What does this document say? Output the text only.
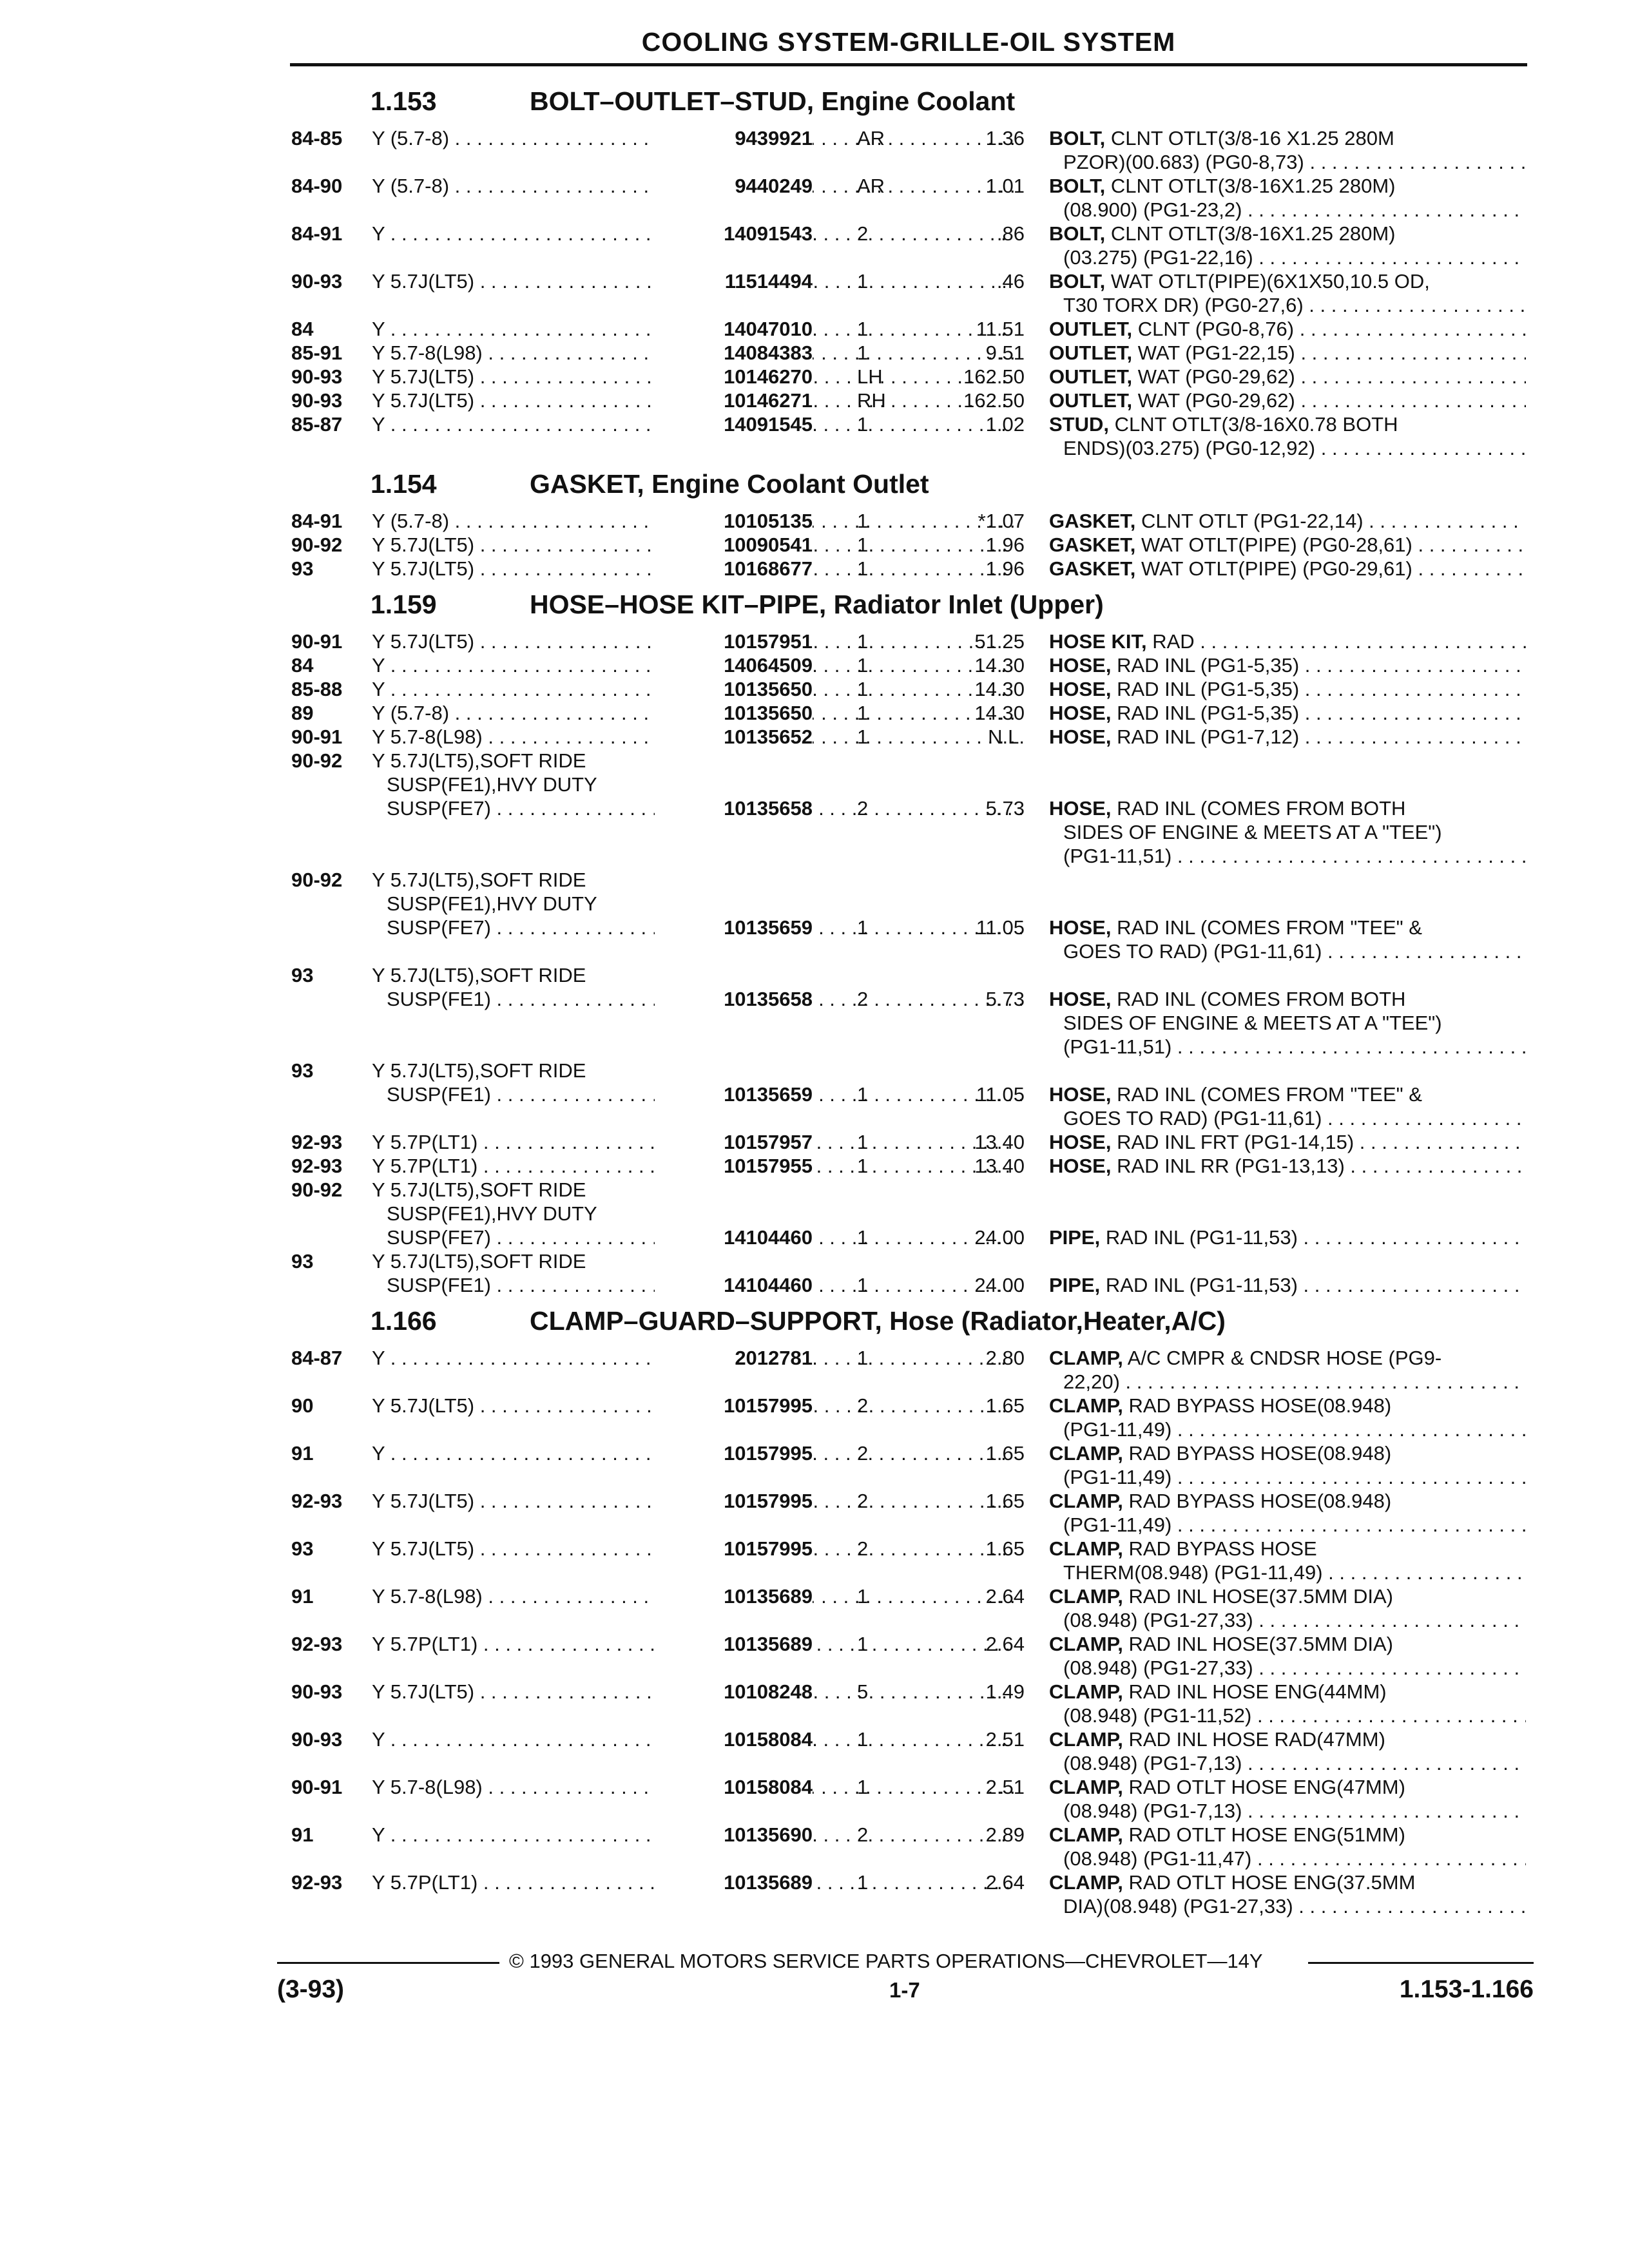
COOLING SYSTEM-GRILLE-OIL SYSTEM
1.153	BOLT–OUTLET–STUD, Engine Coolant
84-85 Y (5.7-8) . . .	9439921 AR	1.36 BOLT, CLNT OTLT(3/8-16 X1.25 280M
PZOR)(00.683) (PG0-8,73) . . .
84-90 Y (5.7-8) . . .	9440249 AR	1.01 BOLT, CLNT OTLT(3/8-16X1.25 280M)
(08.900) (PG1-23,2) . . .
84-91 Y . . .	14091543 2	.86 BOLT, CLNT OTLT(3/8-16X1.25 280M)
(03.275) (PG1-22,16) . . .
90-93 Y 5.7J(LT5) . . .	11514494 1	.46 BOLT, WAT OTLT(PIPE)(6X1X50,10.5 OD,
T30 TORX DR) (PG0-27,6) . . .
84	Y . . .	14047010 1	11.51 OUTLET, CLNT (PG0-8,76) . . .
85-91 Y 5.7-8(L98) . . .	14084383 1	9.51 OUTLET, WAT (PG1-22,15) . . .
90-93 Y 5.7J(LT5) . . .	10146270 LH	162.50 OUTLET, WAT (PG0-29,62) . . .
90-93 Y 5.7J(LT5) . . .	10146271 RH	162.50 OUTLET, WAT (PG0-29,62) . . .
85-87 Y . . .	14091545 1	1.02 STUD, CLNT OTLT(3/8-16X0.78 BOTH
ENDS)(03.275) (PG0-12,92) . . .
1.154	GASKET, Engine Coolant Outlet
84-91 Y (5.7-8) . . .	10105135 1	*1.07 GASKET, CLNT OTLT (PG1-22,14) . . .
90-92 Y 5.7J(LT5) . . .	10090541 1	1.96 GASKET, WAT OTLT(PIPE) (PG0-28,61) . . .
93	Y 5.7J(LT5) . . .	10168677 1	1.96 GASKET, WAT OTLT(PIPE) (PG0-29,61) . . .
1.159	HOSE–HOSE KIT–PIPE, Radiator Inlet (Upper)
90-91 Y 5.7J(LT5) . . .	10157951 1	51.25 HOSE KIT, RAD . . .
84	Y . . .	14064509 1	14.30 HOSE, RAD INL (PG1-5,35) . . .
85-88 Y . . .	10135650 1	14.30 HOSE, RAD INL (PG1-5,35) . . .
89	Y (5.7-8) . . .	10135650 1	14.30 HOSE, RAD INL (PG1-5,35) . . .
90-91 Y 5.7-8(L98) . . .	10135652 1	N.L. HOSE, RAD INL (PG1-7,12) . . .
90-92 Y 5.7J(LT5),SOFT RIDE
SUSP(FE1),HVY DUTY
SUSP(FE7) . . .	10135658 2	5.73 HOSE, RAD INL (COMES FROM BOTH
SIDES OF ENGINE & MEETS AT A "TEE")
(PG1-11,51) . . .
90-92 Y 5.7J(LT5),SOFT RIDE
SUSP(FE1),HVY DUTY
SUSP(FE7) . . .	10135659 1	11.05 HOSE, RAD INL (COMES FROM "TEE" &
GOES TO RAD) (PG1-11,61) . . .
93	Y 5.7J(LT5),SOFT RIDE
SUSP(FE1) . . .	10135658 2	5.73 HOSE, RAD INL (COMES FROM BOTH
SIDES OF ENGINE & MEETS AT A "TEE")
(PG1-11,51) . . .
93	Y 5.7J(LT5),SOFT RIDE
SUSP(FE1) . . .	10135659 1	11.05 HOSE, RAD INL (COMES FROM "TEE" &
GOES TO RAD) (PG1-11,61) . . .
92-93 Y 5.7P(LT1) . . .	10157957 1	13.40 HOSE, RAD INL FRT (PG1-14,15) . . .
92-93 Y 5.7P(LT1) . . .	10157955 1	13.40 HOSE, RAD INL RR (PG1-13,13) . . .
90-92 Y 5.7J(LT5),SOFT RIDE
SUSP(FE1),HVY DUTY
SUSP(FE7) . . .	14104460 1	24.00 PIPE, RAD INL (PG1-11,53) . . .
93	Y 5.7J(LT5),SOFT RIDE
SUSP(FE1) . . .	14104460 1	24.00 PIPE, RAD INL (PG1-11,53) . . .
1.166	CLAMP–GUARD–SUPPORT, Hose (Radiator,Heater,A/C)
84-87 Y . . .	2012781 1	2.80 CLAMP, A/C CMPR & CNDSR HOSE (PG9-
22,20) . . .
90	Y 5.7J(LT5) . . .	10157995 2	1.65 CLAMP, RAD BYPASS HOSE(08.948)
(PG1-11,49) . . .
91	Y . . .	10157995 2	1.65 CLAMP, RAD BYPASS HOSE(08.948)
(PG1-11,49) . . .
92-93 Y 5.7J(LT5) . . .	10157995 2	1.65 CLAMP, RAD BYPASS HOSE(08.948)
(PG1-11,49) . . .
93	Y 5.7J(LT5) . . .	10157995 2	1.65 CLAMP, RAD BYPASS HOSE
THERM(08.948) (PG1-11,49) . . .
91	Y 5.7-8(L98) . . .	10135689 1	2.64 CLAMP, RAD INL HOSE(37.5MM DIA)
(08.948) (PG1-27,33) . . .
92-93 Y 5.7P(LT1) . . .	10135689 1	2.64 CLAMP, RAD INL HOSE(37.5MM DIA)
(08.948) (PG1-27,33) . . .
90-93 Y 5.7J(LT5) . . .	10108248 5	1.49 CLAMP, RAD INL HOSE ENG(44MM)
(08.948) (PG1-11,52) . . .
90-93 Y . . .	10158084 1	2.51 CLAMP, RAD INL HOSE RAD(47MM)
(08.948) (PG1-7,13) . . .
90-91 Y 5.7-8(L98) . . .	10158084 1	2.51 CLAMP, RAD OTLT HOSE ENG(47MM)
(08.948) (PG1-7,13) . . .
91	Y . . .	10135690 2	2.89 CLAMP, RAD OTLT HOSE ENG(51MM)
(08.948) (PG1-11,47) . . .
92-93 Y 5.7P(LT1) . . .	10135689 1	2.64 CLAMP, RAD OTLT HOSE ENG(37.5MM
DIA)(08.948) (PG1-27,33) . . .
© 1993 GENERAL MOTORS SERVICE PARTS OPERATIONS—CHEVROLET—14Y
(3-93)	1-7	1.153-1.166
